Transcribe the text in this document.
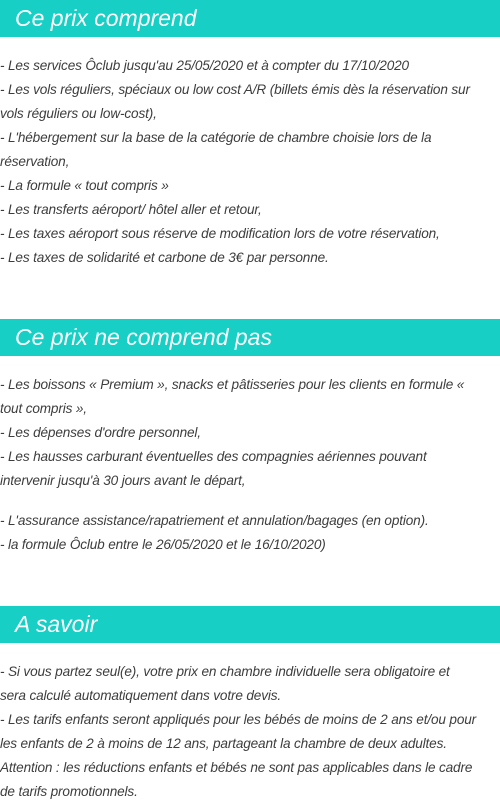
Ce prix comprend

- Les services Ôclub jusqu'au 25/05/2020 et à compter du 17/10/2020
- Les vols réguliers, spéciaux ou low cost A/R (billets émis dès la réservation sur
vols réguliers ou low-cost),
- L'hébergement sur la base de la catégorie de chambre choisie lors de la
réservation,
- La formule « tout compris »
- Les transferts aéroport/ hôtel aller et retour,
- Les taxes aéroport sous réserve de modification lors de votre réservation,
- Les taxes de solidarité et carbone de 3€ par personne.

Ce prix ne comprend pas

- Les boissons « Premium », snacks et pâtisseries pour les clients en formule «
tout compris »,
- Les dépenses d'ordre personnel,
- Les hausses carburant éventuelles des compagnies aériennes pouvant
intervenir jusqu'à 30 jours avant le départ,

- L'assurance assistance/rapatriement et annulation/bagages (en option).
- la formule Ôclub entre le 26/05/2020 et le 16/10/2020)

A savoir

- Si vous partez seul(e), votre prix en chambre individuelle sera obligatoire et
sera calculé automatiquement dans votre devis.
- Les tarifs enfants seront appliqués pour les bébés de moins de 2 ans et/ou pour
les enfants de 2 à moins de 12 ans, partageant la chambre de deux adultes.
Attention : les réductions enfants et bébés ne sont pas applicables dans le cadre
de tarifs promotionnels.
